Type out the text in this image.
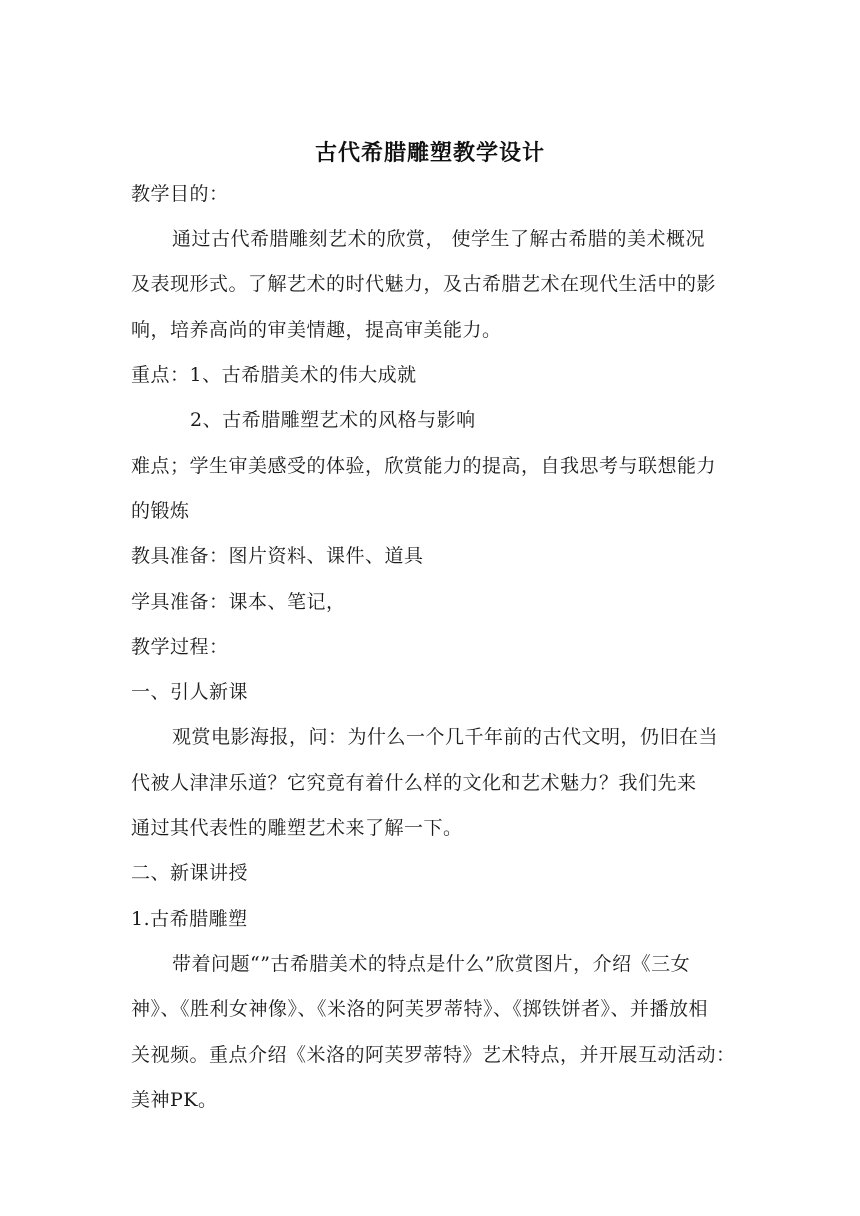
古代希腊雕塑教学设计
教学目的：
通过古代希腊雕刻艺术的欣赏， 使学生了解古希腊的美术概况
及表现形式。了解艺术的时代魅力，及古希腊艺术在现代生活中的影
响，培养高尚的审美情趣，提高审美能力。
重点：1、古希腊美术的伟大成就
2、古希腊雕塑艺术的风格与影响
难点；学生审美感受的体验，欣赏能力的提高，自我思考与联想能力
的锻炼
教具准备：图片资料、课件、道具
学具准备：课本、笔记，
教学过程：
一、引人新课
观赏电影海报，问：为什么一个几千年前的古代文明，仍旧在当
代被人津津乐道？它究竟有着什么样的文化和艺术魅力？我们先来
通过其代表性的雕塑艺术来了解一下。
二、新课讲授
1.古希腊雕塑
带着问题“”古希腊美术的特点是什么”欣赏图片，介绍《三女
神》、《胜利女神像》、《米洛的阿芙罗蒂特》、《掷铁饼者》、并播放相
关视频。重点介绍《米洛的阿芙罗蒂特》艺术特点，并开展互动活动：
美神PK。
